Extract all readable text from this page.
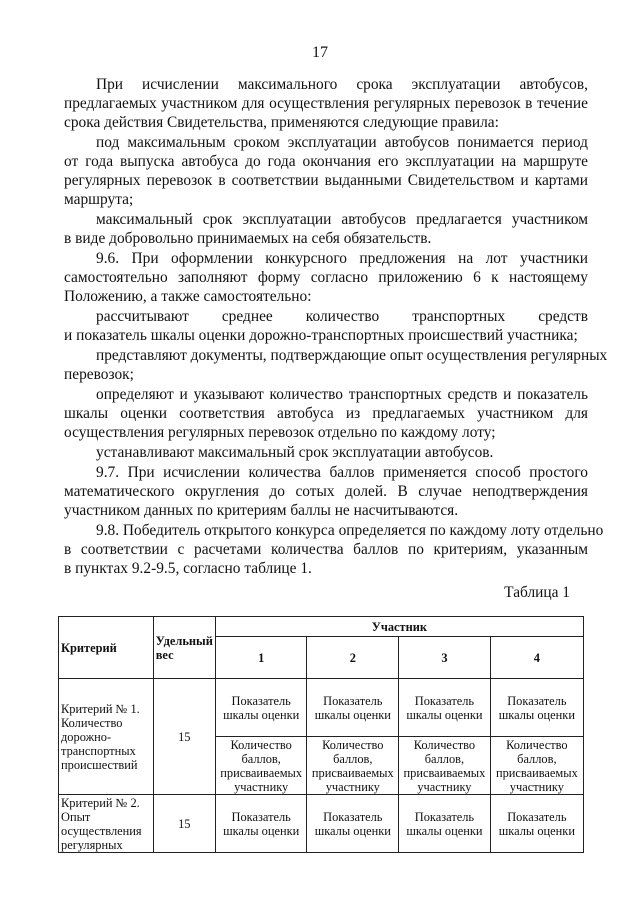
17
При исчислении максимального срока эксплуатации автобусов,
предлагаемых участником для осуществления регулярных перевозок в течение
срока действия Свидетельства, применяются следующие правила:
под максимальным сроком эксплуатации автобусов понимается период
от года выпуска автобуса до года окончания его эксплуатации на маршруте
регулярных перевозок в соответствии выданными Свидетельством и картами
маршрута;
максимальный срок эксплуатации автобусов предлагается участником
в виде добровольно принимаемых на себя обязательств.
9.6. При оформлении конкурсного предложения на лот участники
самостоятельно заполняют форму согласно приложению 6 к настоящему
Положению, а также самостоятельно:
рассчитывают среднее количество транспортных средств
и показатель шкалы оценки дорожно-транспортных происшествий участника;
представляют документы, подтверждающие опыт осуществления регулярных
перевозок;
определяют и указывают количество транспортных средств и показатель
шкалы оценки соответствия автобуса из предлагаемых участником для
осуществления регулярных перевозок отдельно по каждому лоту;
устанавливают максимальный срок эксплуатации автобусов.
9.7. При исчислении количества баллов применяется способ простого
математического округления до сотых долей. В случае неподтверждения
участником данных по критериям баллы не насчитываются.
9.8. Победитель открытого конкурса определяется по каждому лоту отдельно
в соответствии с расчетами количества баллов по критериям, указанным
в пунктах 9.2-9.5, согласно таблице 1.
Таблица 1
Критерий	Удельный вес	Участник			
		1	2	3	4
Критерий № 1. Количество дорожно-транспортных происшествий	15	Показатель шкалы оценки	Показатель шкалы оценки	Показатель шкалы оценки	Показатель шкалы оценки
		Количество баллов, присваиваемых участнику	Количество баллов, присваиваемых участнику	Количество баллов, присваиваемых участнику	Количество баллов, присваиваемых участнику
Критерий № 2. Опыт осуществления регулярных	15	Показатель шкалы оценки	Показатель шкалы оценки	Показатель шкалы оценки	Показатель шкалы оценки
